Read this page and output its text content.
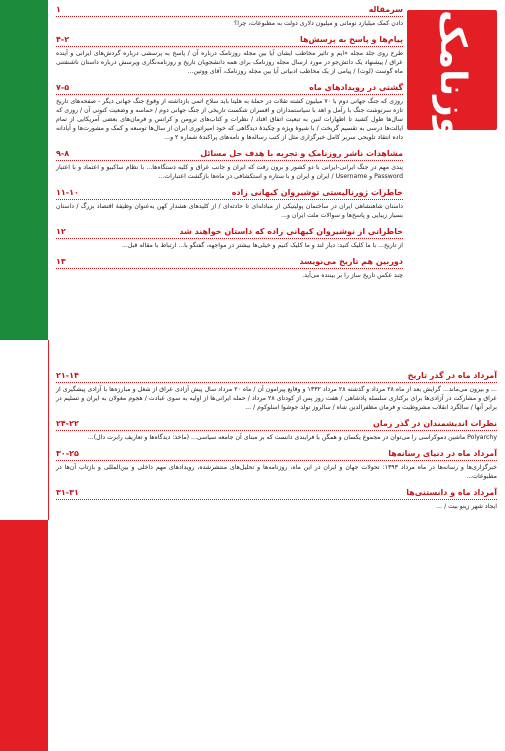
روزنامک
سرمقاله
۱
دادن کمک میلیارد تومانی و میلیون دلاری دولت به مطبوعات، چرا؟
پیام‌ها و پاسخ به پرسش‌ها
۴-۲
طرح روی جلد مجله «ایم و تاثیر مخاطب ایشان آیا بین مجله روزنامک درباره آن / پاسخ به پرسشی درباره گردش‌های ایرانی و آینده عراق / پیشنهاد یک دانش‌جو در مورد ارسال مجله روزنامک برای همه دانشجویان تاریخ و روزنامه‌نگاری ویرسش درباره داستان ناشنفتنی ماه گوست (لوت) / پیامی از یک مخاطب ادبیاتی آیا بین مجله روزنامک، آقای ووتین...
گشتی در رویدادهای ماه
۷-۵
روزی که جنگ جهانی دوم با ۷۰ میلیون کشته تقلات در حملهٔ به هلیتا باید سلاح اتمی بازداشته از وقوع جنگ جهانی دیگر - صفحه‌های تاریخ تازه سرنوشت جنگ با رآمل و اهد با سیاستمداران و افسران شکست تاریخی از جنگ جهانی دوم / حماسه و وضعیت کنونی آن / روزی که سال‌ها طول کشید تا اظهارات لنین به تبعیت اتفاق افتاد / نظرات و کتاب‌های ترومن و کرانس و فرمان‌های بعضی آمریکایی از تمام ایالت‌ها درسی به تقسیم گریخت / با شیوهٔ ویژه و چکیدهٔ دیدگاهی که خود امپراتوری ایران از سال‌ها توسعه و کمک و مشورت‌ها و آیادانه داده انتقاد تلویحی سربر کامل خبرگزاری مثل از کتب رساله‌ها و نامه‌های پراکندهٔ شماره ۲ و...
مشاهدات ناشر روزنامک و تجربه با هدف حل مسائل
۹-۸
پندی مهم در جنگ ایرانی-ایرانی با دو کشور و برون رفت که ایران و جانب عراق و کلیه دستگاه‌ها... با نظام ساکبیو و اعتماد و با اعتبار Password و Username / ایران و ایران و با ستاره و استکشافی در ماه‌ها بازگشت اعتبارات...
خاطرات ژورنالیستی توشیروان کیهانی زاده
۱۱-۱۰
داستان شاهنشاهی ایران در ساختمان پولیتیکی از مبادله‌ای تا حادثه‌ای / از کلیدهای هشدار کهن به‌عنوان وظیفهٔ اقتصاد بزرگ / داستان بسیار زیبایی و پاسخ‌ها و سوالات ملت ایران و...
خاطراتی از نوشیروان کیهانی زاده که داستان خواهند شد
۱۲
از تاریخ... با ما کلیک کنید: دیار لند و ما کلیک کنیم و خیلی‌ها بیشتر در مواجهه، گفتگو با... ارتباط با مقاله قبل...
دوربین هم تاریخ می‌نویسد
۱۳
چند عکس تاریخ ساز را بر بیننده می‌آید.
آمرداد ماه در گذر تاریخ
۲۱-۱۴
... و بیرون می‌ماند... گرایش بعد از ماه ۲۸ مرداد و گذشته ۲۸ مرداد ۱۳۳۲ و وقایع پیرامون آن / ماه ۲۰ مرداد سال پیش آزادی عراق از شغل و مبارزه‌ها با آزادی پیشگیری از عراق و مشارکت در آزادی‌ها برای برکناری سلسله پادشاهی / هفت روز پس از کودتای ۲۸ مرداد / حمله ایرانی‌ها از اولیه به سوی عبادت / هجوم مغولان به ایران و تسلیم در برابر آنها / سالگرد انقلاب مشروطیت و فرمان مظفرالدین شاه / سالروز تولد جوشوا اسلوکوم / ...
نظرات اندیشمندان در گذر زمان
۲۴-۲۲
Polyarchy ماشین دموکراسی را می‌توان در مجموع یکسان و همگن با فرایندی دانست که بر مبنای آن جامعه سیاسی... (ماخذ: دیدگاه‌ها و تعاریف رابرت دال)...
آمرداد ماه در دنیای رسانه‌ها
۳۰-۲۵
خبرگزاری‌ها و رسانه‌ها در ماه مرداد ۱۳۹۳: تحولات جهان و ایران در این ماه، روزنامه‌ها و تحلیل‌های منتشرشده، رویدادهای مهم داخلی و بین‌المللی و بازتاب آن‌ها در مطبوعات...
آمرداد ماه و دانستنی‌ها
۳۱-۳۱
ایجاد شهر زینو بیت / ...
